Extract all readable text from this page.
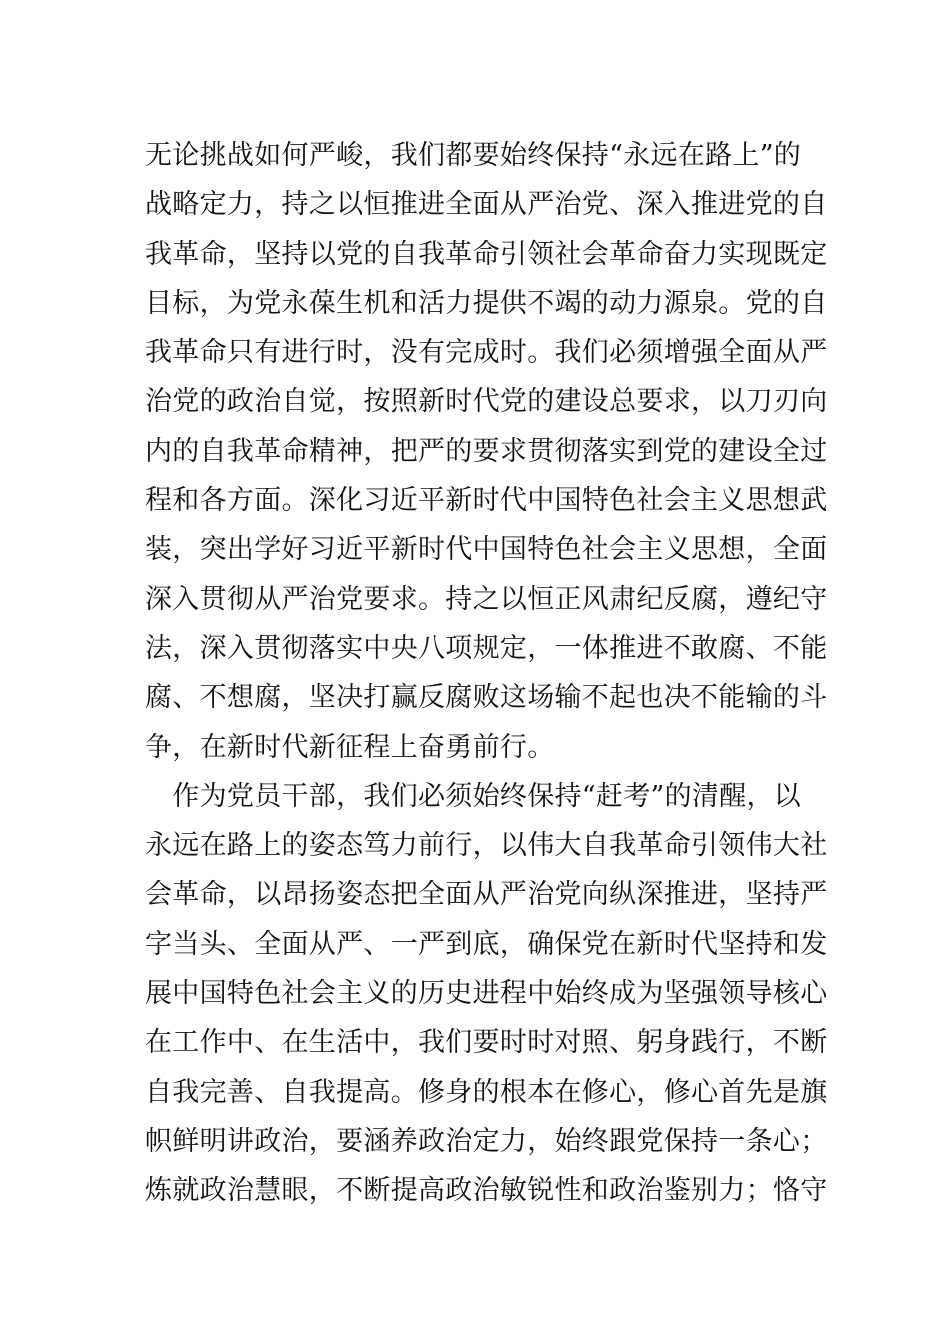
无论挑战如何严峻，我们都要始终保持“永远在路上”的
战略定力，持之以恒推进全面从严治党、深入推进党的自
我革命，坚持以党的自我革命引领社会革命奋力实现既定
目标，为党永葆生机和活力提供不竭的动力源泉。党的自
我革命只有进行时，没有完成时。我们必须增强全面从严
治党的政治自觉，按照新时代党的建设总要求，以刀刃向
内的自我革命精神，把严的要求贯彻落实到党的建设全过
程和各方面。深化习近平新时代中国特色社会主义思想武
装，突出学好习近平新时代中国特色社会主义思想，全面
深入贯彻从严治党要求。持之以恒正风肃纪反腐，遵纪守
法，深入贯彻落实中央八项规定，一体推进不敢腐、不能
腐、不想腐，坚决打赢反腐败这场输不起也决不能输的斗
争，在新时代新征程上奋勇前行。
　作为党员干部，我们必须始终保持“赶考”的清醒，以
永远在路上的姿态笃力前行，以伟大自我革命引领伟大社
会革命，以昂扬姿态把全面从严治党向纵深推进，坚持严
字当头、全面从严、一严到底，确保党在新时代坚持和发
展中国特色社会主义的历史进程中始终成为坚强领导核心
在工作中、在生活中，我们要时时对照、躬身践行，不断
自我完善、自我提高。修身的根本在修心，修心首先是旗
帜鲜明讲政治，要涵养政治定力，始终跟党保持一条心；
炼就政治慧眼，不断提高政治敏锐性和政治鉴别力；恪守
